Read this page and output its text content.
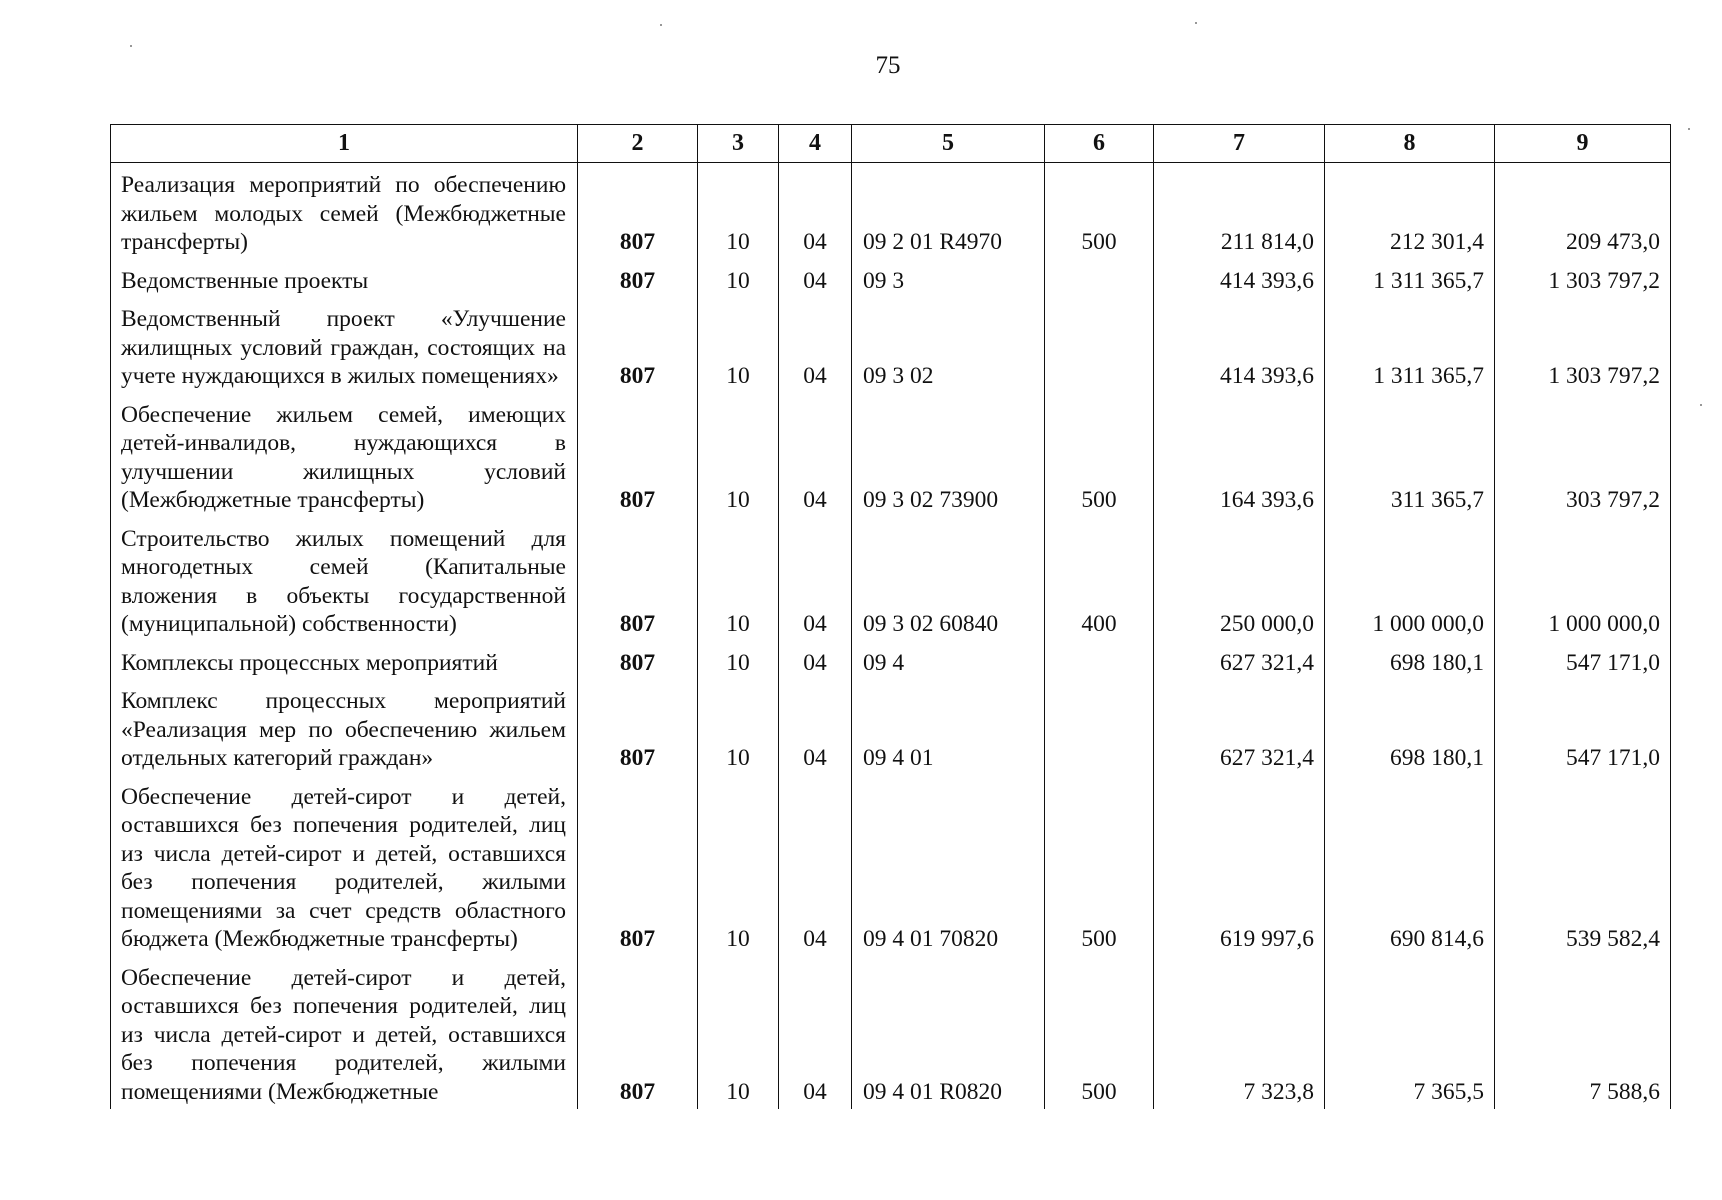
75
1	2	3	4	5	6	7	8	9
Реализация мероприятий по обеспечению жильем молодых семей (Межбюджетные трансферты)	807	10	04	09 2 01 R4970	500	211 814,0	212 301,4	209 473,0
Ведомственные проекты	807	10	04	09 3		414 393,6	1 311 365,7	1 303 797,2
Ведомственный проект «Улучшение жилищных условий граждан, состоящих на учете нуждающихся в жилых помещениях»	807	10	04	09 3 02		414 393,6	1 311 365,7	1 303 797,2
Обеспечение жильем семей, имеющих детей-инвалидов, нуждающихся в улучшении жилищных условий (Межбюджетные трансферты)	807	10	04	09 3 02 73900	500	164 393,6	311 365,7	303 797,2
Строительство жилых помещений для многодетных семей (Капитальные вложения в объекты государственной (муниципальной) собственности)	807	10	04	09 3 02 60840	400	250 000,0	1 000 000,0	1 000 000,0
Комплексы процессных мероприятий	807	10	04	09 4		627 321,4	698 180,1	547 171,0
Комплекс процессных мероприятий «Реализация мер по обеспечению жильем отдельных категорий граждан»	807	10	04	09 4 01		627 321,4	698 180,1	547 171,0
Обеспечение детей-сирот и детей, оставшихся без попечения родителей, лиц из числа детей-сирот и детей, оставшихся без попечения родителей, жилыми помещениями за счет средств областного бюджета (Межбюджетные трансферты)	807	10	04	09 4 01 70820	500	619 997,6	690 814,6	539 582,4
Обеспечение детей-сирот и детей, оставшихся без попечения родителей, лиц из числа детей-сирот и детей, оставшихся без попечения родителей, жилыми помещениями (Межбюджетные	807	10	04	09 4 01 R0820	500	7 323,8	7 365,5	7 588,6
